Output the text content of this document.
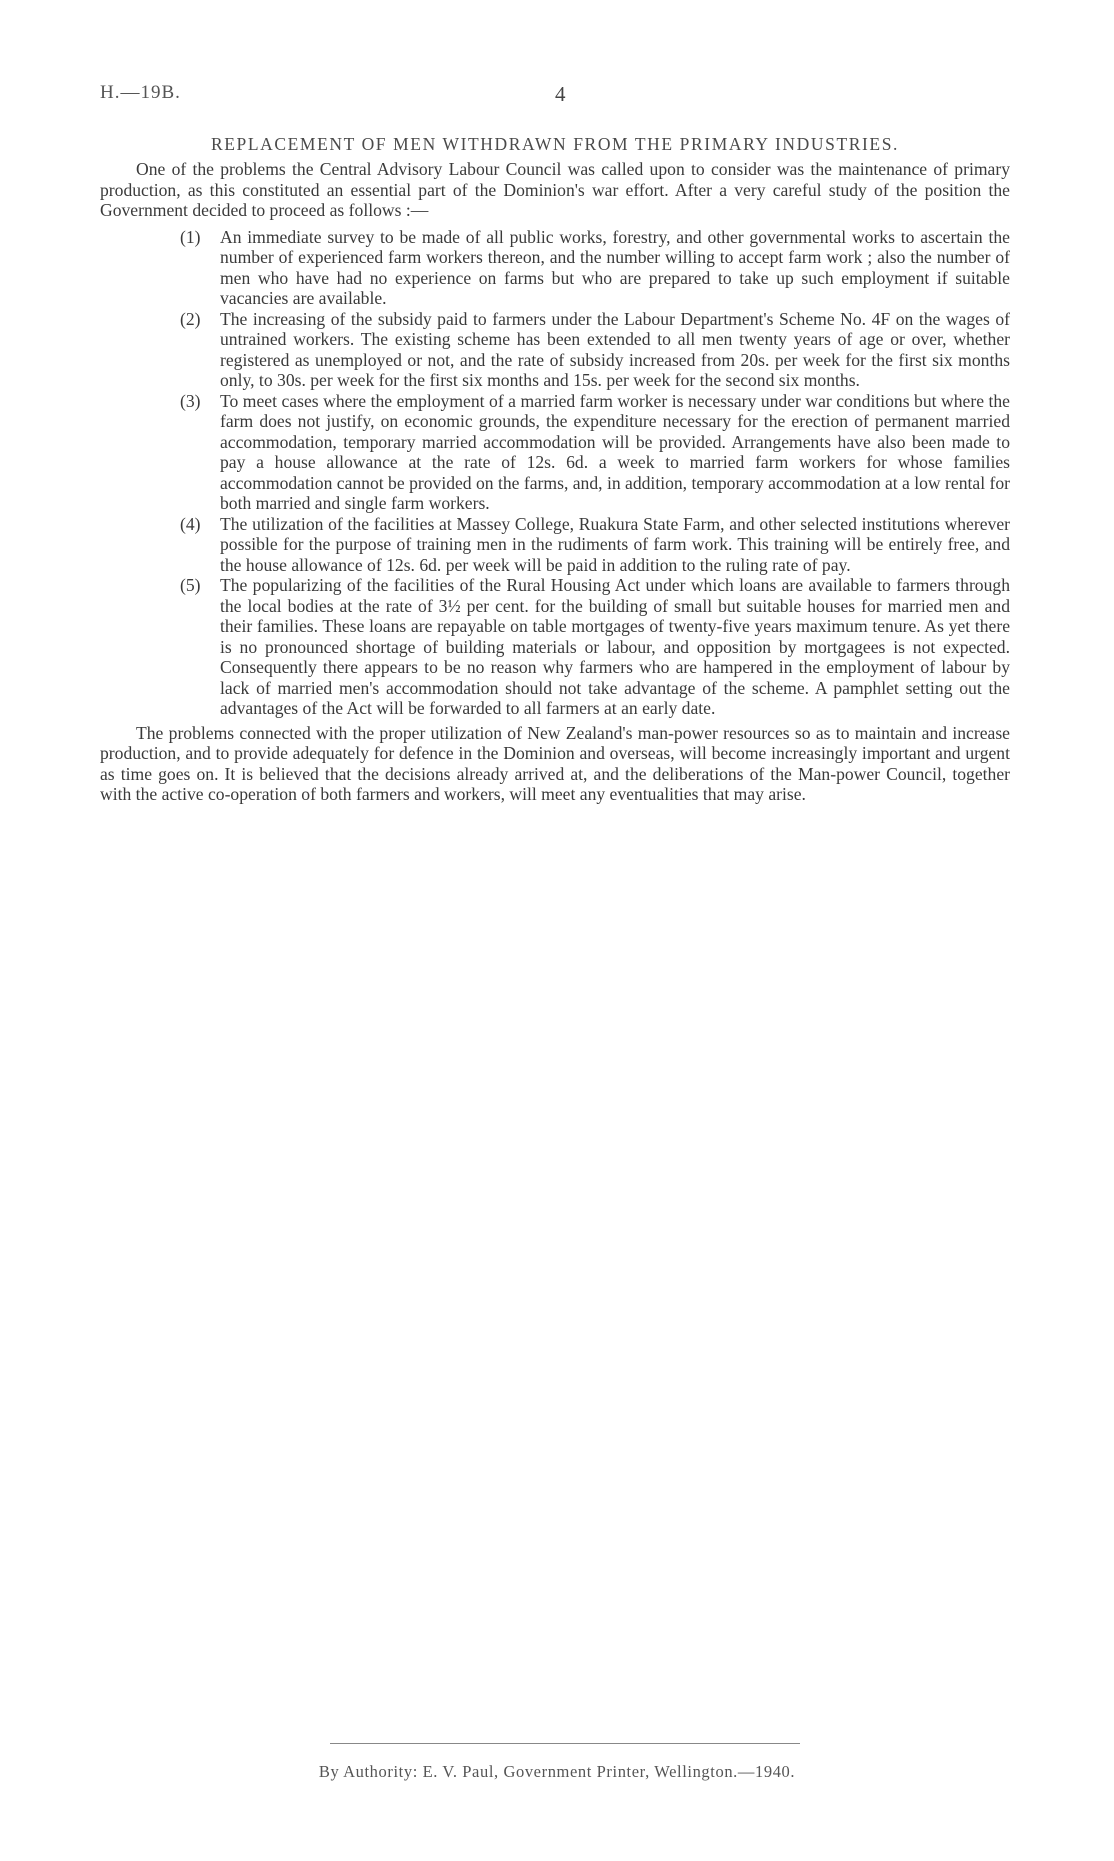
H.—19B.	4
REPLACEMENT OF MEN WITHDRAWN FROM THE PRIMARY INDUSTRIES.

One of the problems the Central Advisory Labour Council was called upon to consider was the maintenance of primary production, as this constituted an essential part of the Dominion's war effort. After a very careful study of the position the Government decided to proceed as follows :—

(1) An immediate survey to be made of all public works, forestry, and other governmental works to ascertain the number of experienced farm workers thereon, and the number willing to accept farm work ; also the number of men who have had no experience on farms but who are prepared to take up such employment if suitable vacancies are available.
(2) The increasing of the subsidy paid to farmers under the Labour Department's Scheme No. 4F on the wages of untrained workers. The existing scheme has been extended to all men twenty years of age or over, whether registered as unemployed or not, and the rate of subsidy increased from 20s. per week for the first six months only, to 30s. per week for the first six months and 15s. per week for the second six months.
(3) To meet cases where the employment of a married farm worker is necessary under war conditions but where the farm does not justify, on economic grounds, the expenditure necessary for the erection of permanent married accommodation, temporary married accommodation will be provided. Arrangements have also been made to pay a house allowance at the rate of 12s. 6d. a week to married farm workers for whose families accommodation cannot be provided on the farms, and, in addition, temporary accommodation at a low rental for both married and single farm workers.
(4) The utilization of the facilities at Massey College, Ruakura State Farm, and other selected institutions wherever possible for the purpose of training men in the rudiments of farm work. This training will be entirely free, and the house allowance of 12s. 6d. per week will be paid in addition to the ruling rate of pay.
(5) The popularizing of the facilities of the Rural Housing Act under which loans are available to farmers through the local bodies at the rate of 3½ per cent. for the building of small but suitable houses for married men and their families. These loans are repayable on table mortgages of twenty-five years maximum tenure. As yet there is no pronounced shortage of building materials or labour, and opposition by mortgagees is not expected. Consequently there appears to be no reason why farmers who are hampered in the employment of labour by lack of married men's accommodation should not take advantage of the scheme. A pamphlet setting out the advantages of the Act will be forwarded to all farmers at an early date.

The problems connected with the proper utilization of New Zealand's man-power resources so as to maintain and increase production, and to provide adequately for defence in the Dominion and overseas, will become increasingly important and urgent as time goes on. It is believed that the decisions already arrived at, and the deliberations of the Man-power Council, together with the active co-operation of both farmers and workers, will meet any eventualities that may arise.

By Authority: E. V. Paul, Government Printer, Wellington.—1940.
